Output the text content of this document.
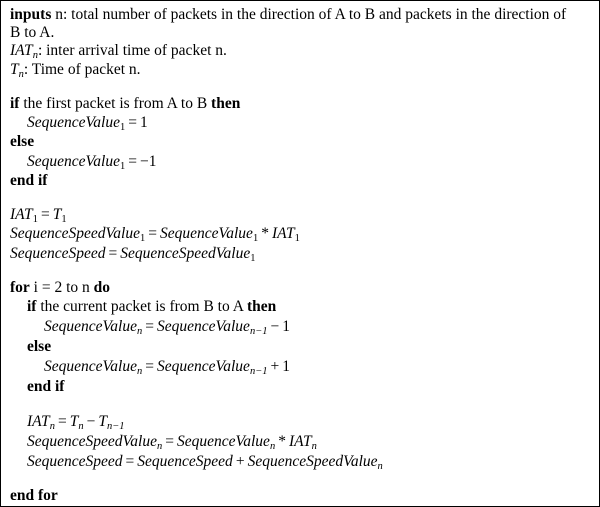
inputs n: total number of packets in the direction of A to B and packets in the direction of
B to A.
$IAT_n$: inter arrival time of packet n.
$T_n$: Time of packet n.
if the first packet is from A to B then
SequenceValue$_1$ = 1
else
SequenceValue$_1$ = −1
end if
$IAT_1 = T_1$
SequenceSpeedValue$_1$ = SequenceValue$_1$ * $IAT_1$
SequenceSpeed = SequenceSpeedValue$_1$
for i = 2 to n do
if the current packet is from B to A then
SequenceValue$_n$ = SequenceValue$_{n-1}$ − 1
else
SequenceValue$_n$ = SequenceValue$_{n-1}$ + 1
end if
$IAT_n = T_n - T_{n-1}$
SequenceSpeedValue$_n$ = SequenceValue$_n$ * $IAT_n$
SequenceSpeed = SequenceSpeed + SequenceSpeedValue$_n$
end for
